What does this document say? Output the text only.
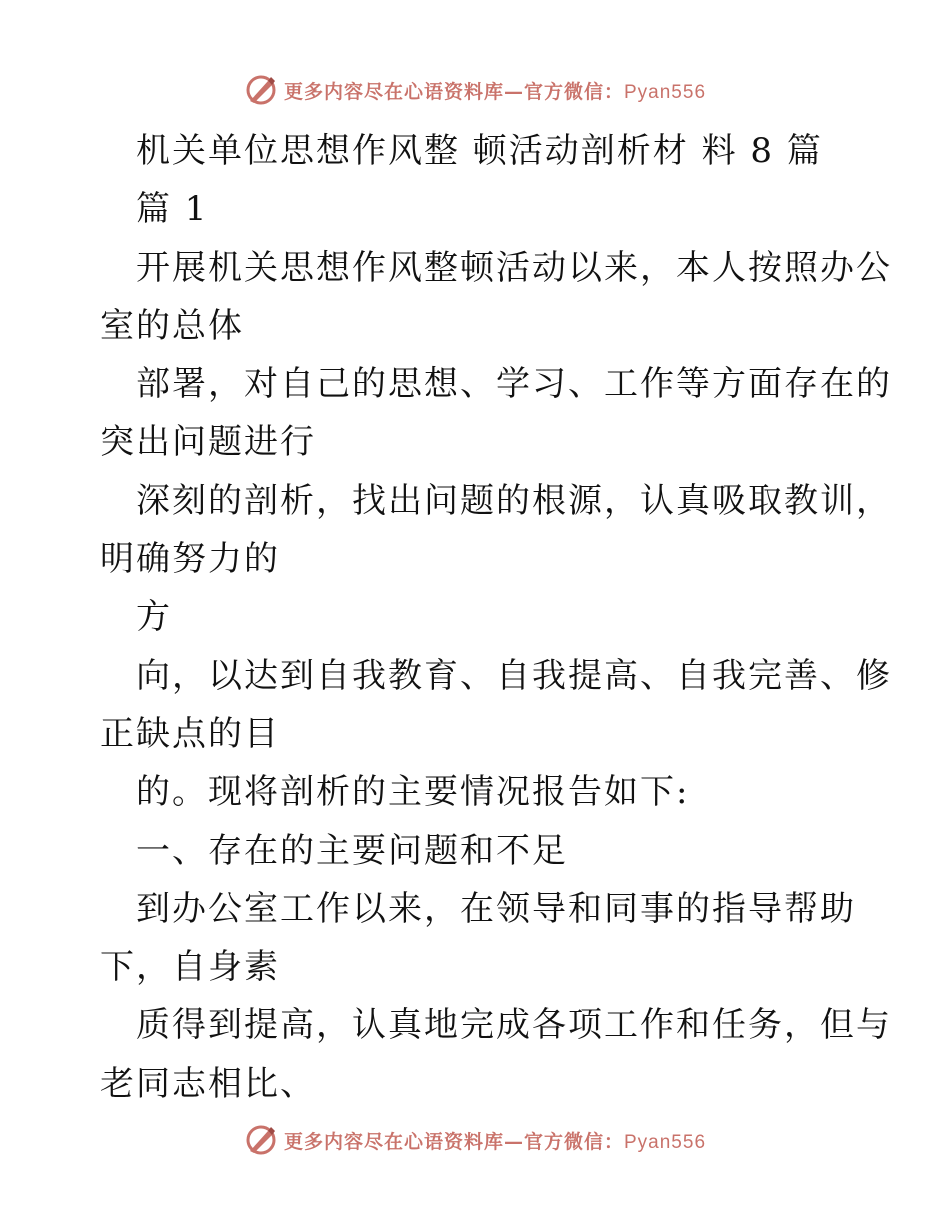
更多内容尽在心语资料库—官方微信：Pyan556
机关单位思想作风整 顿活动剖析材 料 8 篇
篇 1
开展机关思想作风整顿活动以来，本人按照办公
室的总体
部署，对自己的思想、学习、工作等方面存在的
突出问题进行
深刻的剖析，找出问题的根源，认真吸取教训，
明确努力的
方
向，以达到自我教育、自我提高、自我完善、修
正缺点的目
的。现将剖析的主要情况报告如下:
一、存在的主要问题和不足
到办公室工作以来，在领导和同事的指导帮助
下，自身素
质得到提高，认真地完成各项工作和任务，但与
老同志相比、
更多内容尽在心语资料库—官方微信：Pyan556
